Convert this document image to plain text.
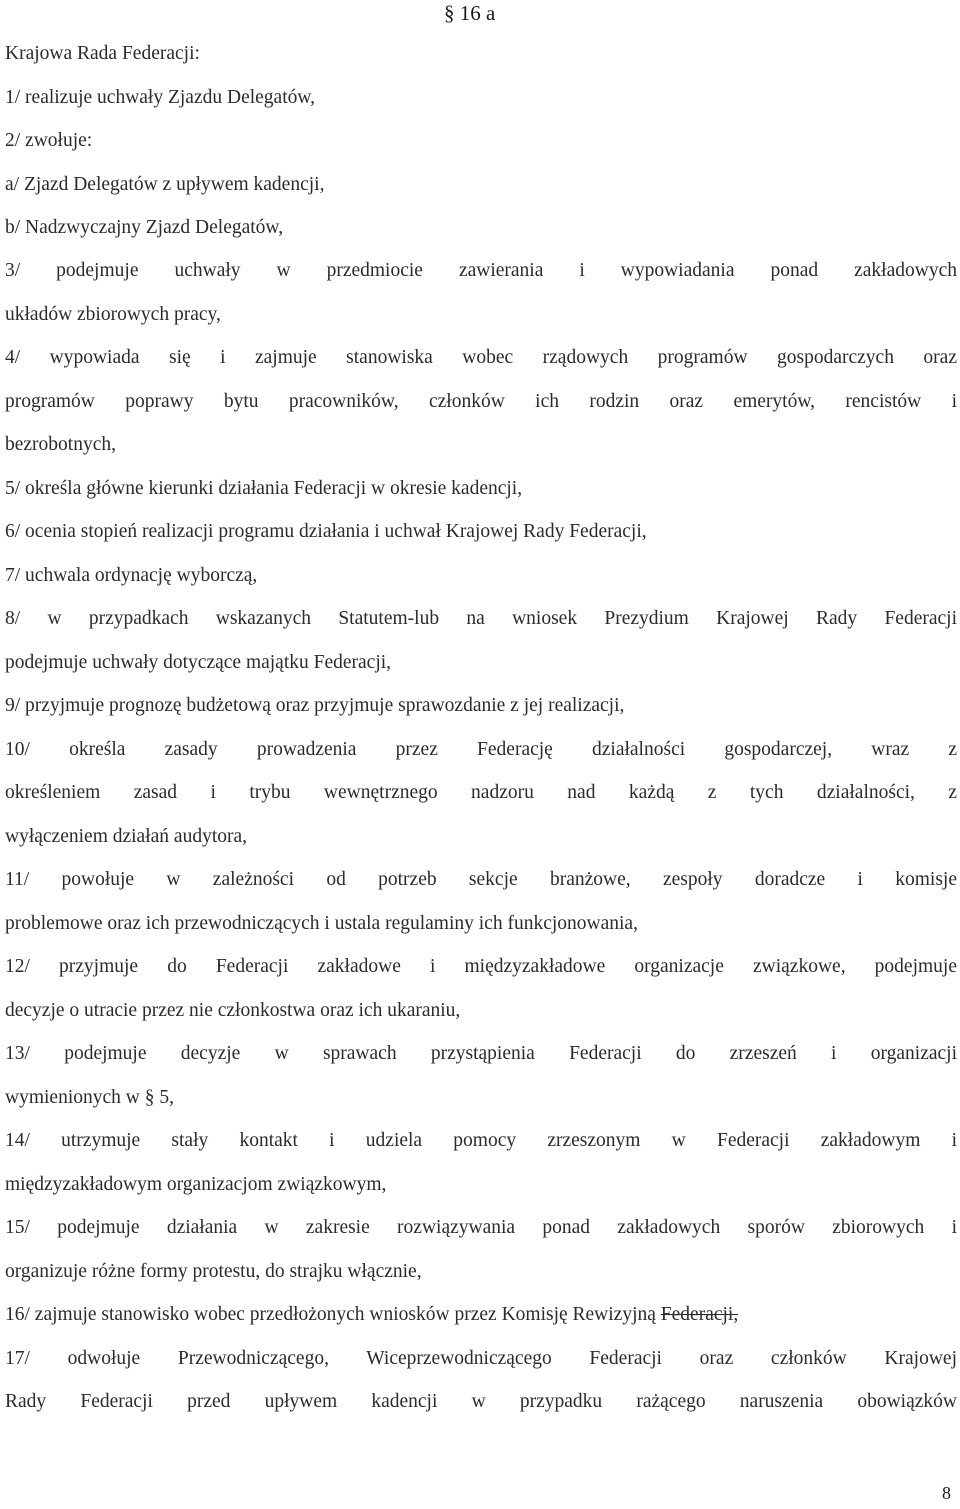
§ 16 a
Krajowa Rada Federacji:
1/ realizuje uchwały Zjazdu Delegatów,
2/ zwołuje:
a/ Zjazd Delegatów z upływem kadencji,
b/ Nadzwyczajny Zjazd Delegatów,
3/ podejmuje uchwały w przedmiocie zawierania i wypowiadania ponad zakładowych
układów zbiorowych pracy,
4/ wypowiada się i zajmuje stanowiska wobec rządowych programów gospodarczych oraz
programów poprawy bytu pracowników, członków ich rodzin oraz emerytów, rencistów i
bezrobotnych,
5/ określa główne kierunki działania Federacji w okresie kadencji,
6/ ocenia stopień realizacji programu działania i uchwał Krajowej Rady Federacji,
7/ uchwala ordynację wyborczą,
8/ w przypadkach wskazanych Statutem-lub na wniosek Prezydium Krajowej Rady Federacji
podejmuje uchwały dotyczące majątku Federacji,
9/ przyjmuje prognozę budżetową oraz przyjmuje sprawozdanie z jej realizacji,
10/ określa zasady prowadzenia przez Federację działalności gospodarczej, wraz z
określeniem zasad i trybu wewnętrznego nadzoru nad każdą z tych działalności, z
wyłączeniem działań audytora,
11/ powołuje w zależności od potrzeb sekcje branżowe, zespoły doradcze i komisje
problemowe oraz ich przewodniczących i ustala regulaminy ich funkcjonowania,
12/ przyjmuje do Federacji zakładowe i międzyzakładowe organizacje związkowe, podejmuje
decyzje o utracie przez nie członkostwa oraz ich ukaraniu,
13/ podejmuje decyzje w sprawach przystąpienia Federacji do zrzeszeń i organizacji
wymienionych w § 5,
14/ utrzymuje stały kontakt i udziela pomocy zrzeszonym w Federacji zakładowym i
międzyzakładowym organizacjom związkowym,
15/ podejmuje działania w zakresie rozwiązywania ponad zakładowych sporów zbiorowych i
organizuje różne formy protestu, do strajku włącznie,
16/ zajmuje stanowisko wobec przedłożonych wniosków przez Komisję Rewizyjną Federacji,
17/ odwołuje Przewodniczącego, Wiceprzewodniczącego Federacji oraz członków Krajowej
Rady Federacji przed upływem kadencji w przypadku rażącego naruszenia obowiązków
8
